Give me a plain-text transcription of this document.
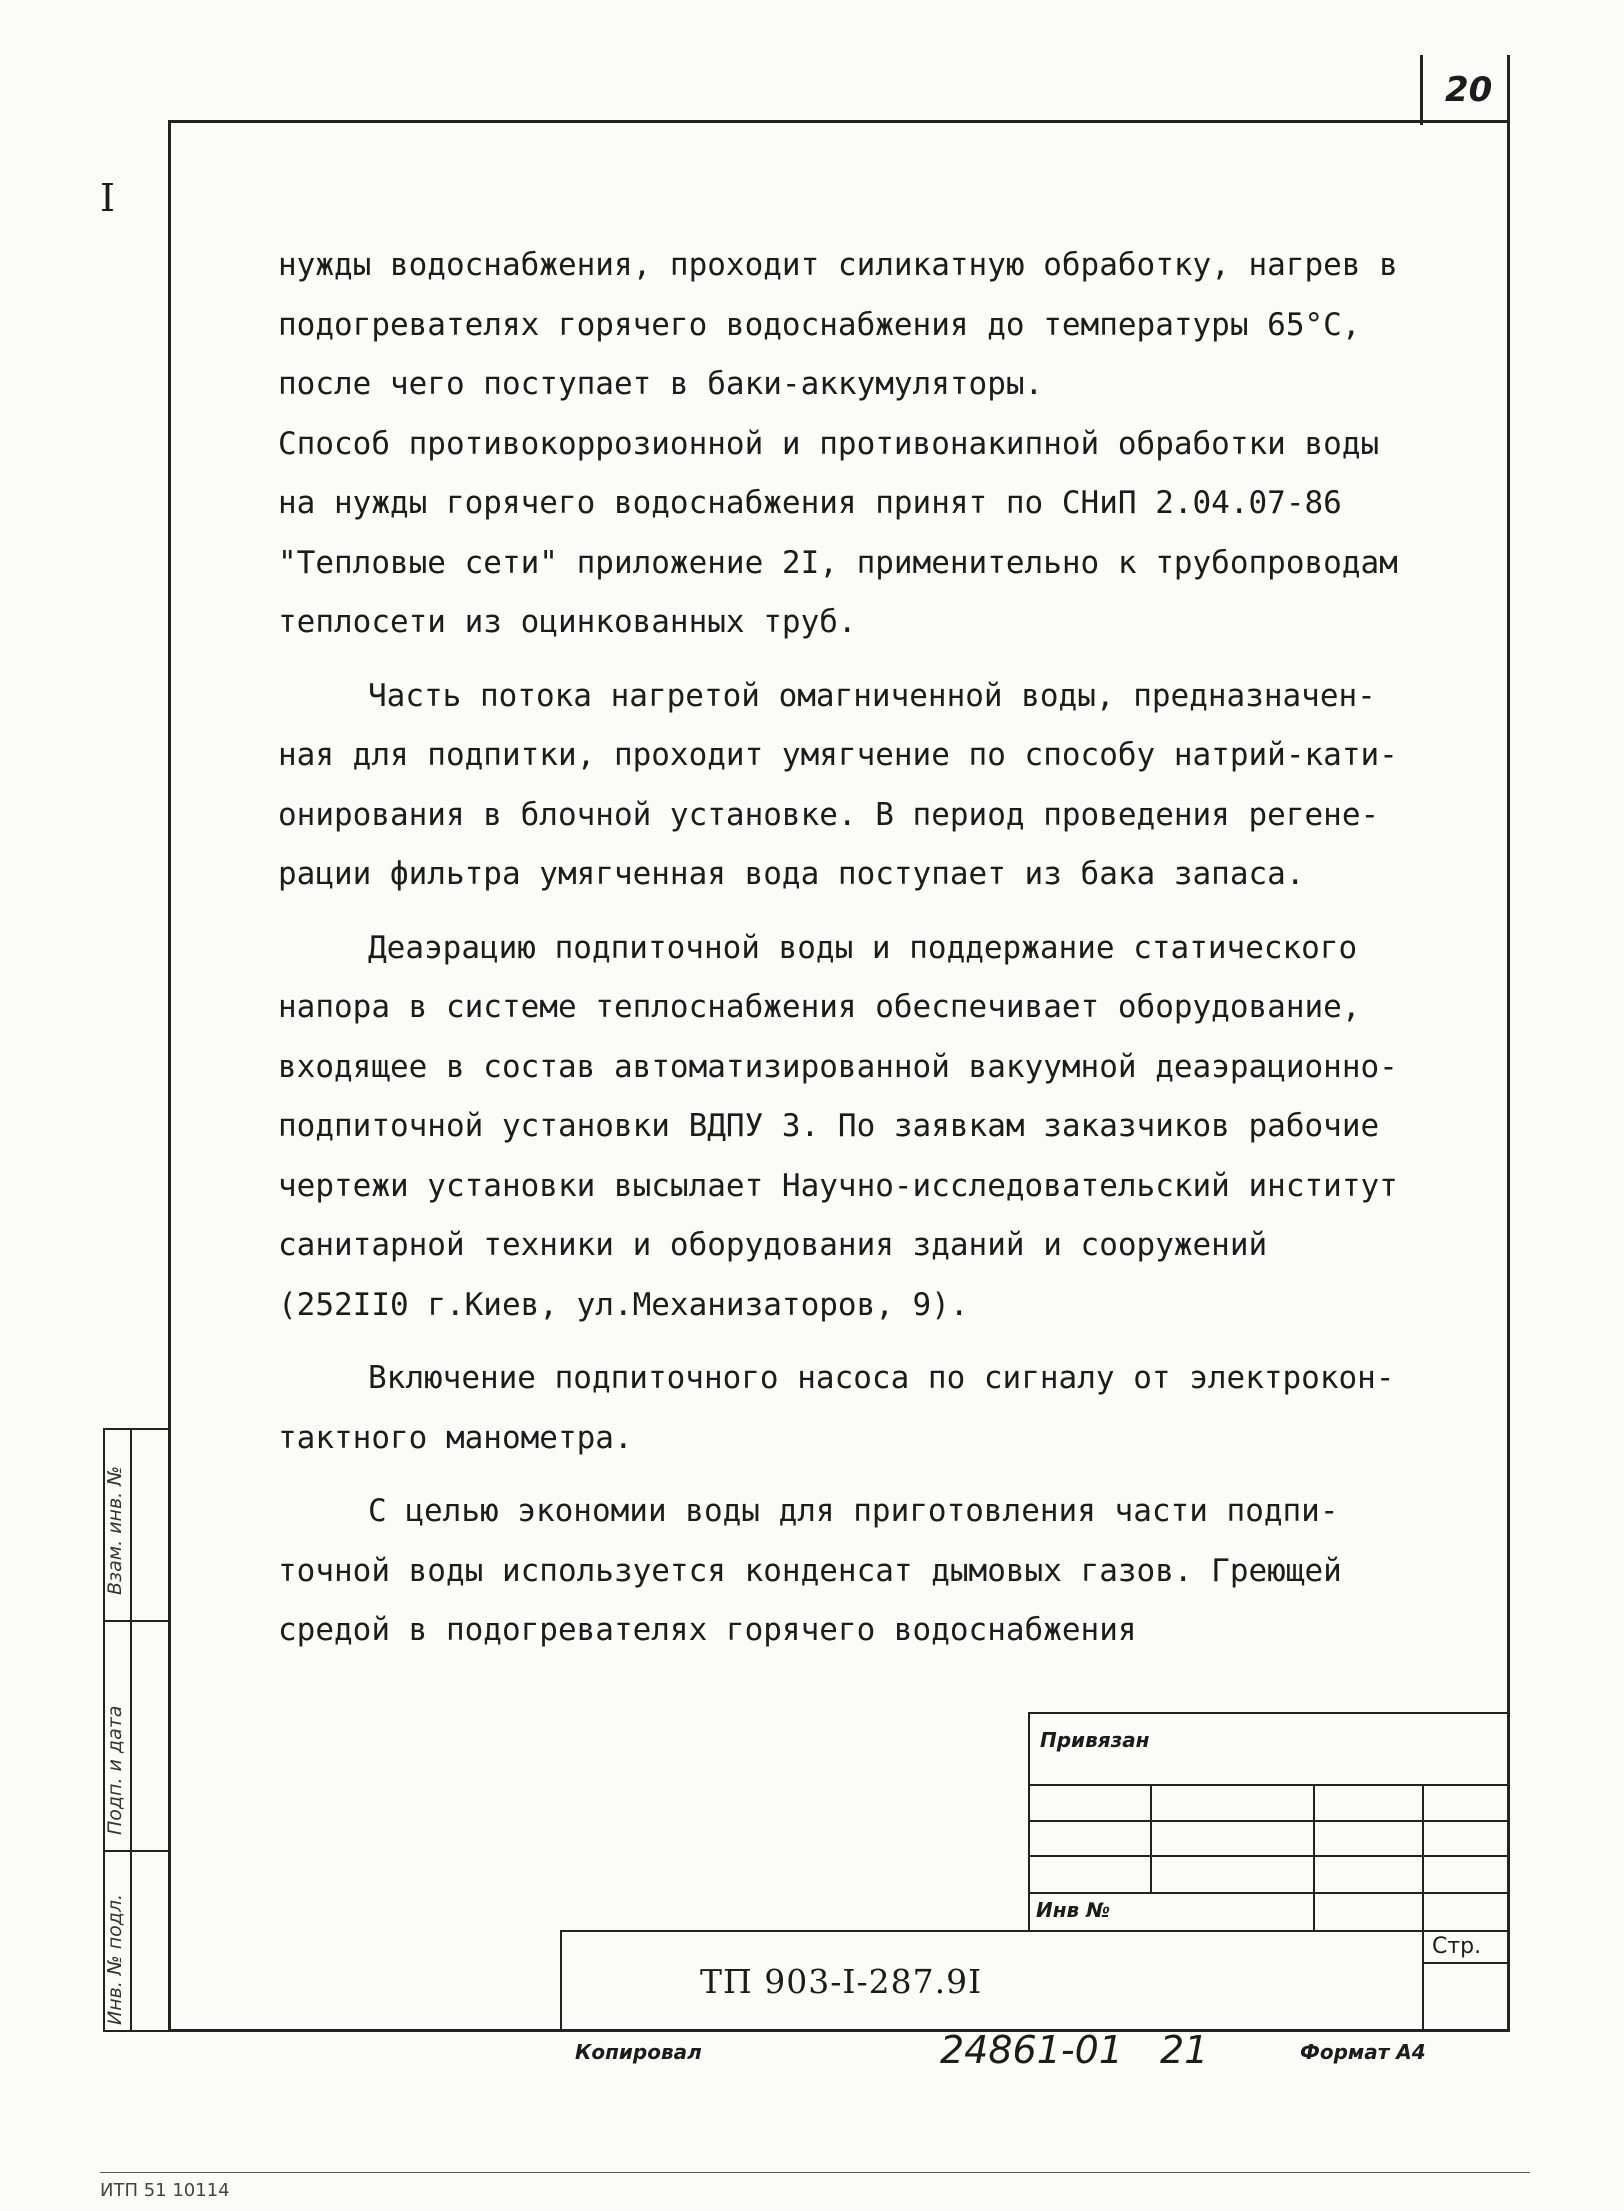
20
I
нужды водоснабжения, проходит силикатную обработку, нагрев в
подогревателях горячего водоснабжения до температуры 65°С,
после чего поступает в баки-аккумуляторы.
Способ противокоррозионной и противонакипной обработки воды
на нужды горячего водоснабжения принят по СНиП 2.04.07-86
"Тепловые сети" приложение 2I, применительно к трубопроводам
теплосети из оцинкованных труб.
Часть потока нагретой омагниченной воды, предназначен-
ная для подпитки, проходит умягчение по способу натрий-кати-
онирования в блочной установке. В период проведения регене-
рации фильтра умягченная вода поступает из бака запаса.
Деаэрацию подпиточной воды и поддержание статического
напора в системе теплоснабжения обеспечивает оборудование,
входящее в состав автоматизированной вакуумной деаэрационно-
подпиточной установки ВДПУ 3. По заявкам заказчиков рабочие
чертежи установки высылает Научно-исследовательский институт
санитарной техники и оборудования зданий и сооружений
(252II0 г.Киев, ул.Механизаторов, 9).
Включение подпиточного насоса по сигналу от электрокон-
тактного манометра.
С целью экономии воды для приготовления части подпи-
точной воды используется конденсат дымовых газов. Греющей
средой в подогревателях горячего водоснабжения
Взам. инв. №
Подп. и дата
Инв. № подл.
Привязан
Инв №
Стр.
ТП 903-I-287.9I
Копировал	24861-01 21	Формат А4
ИТП 51 10114
